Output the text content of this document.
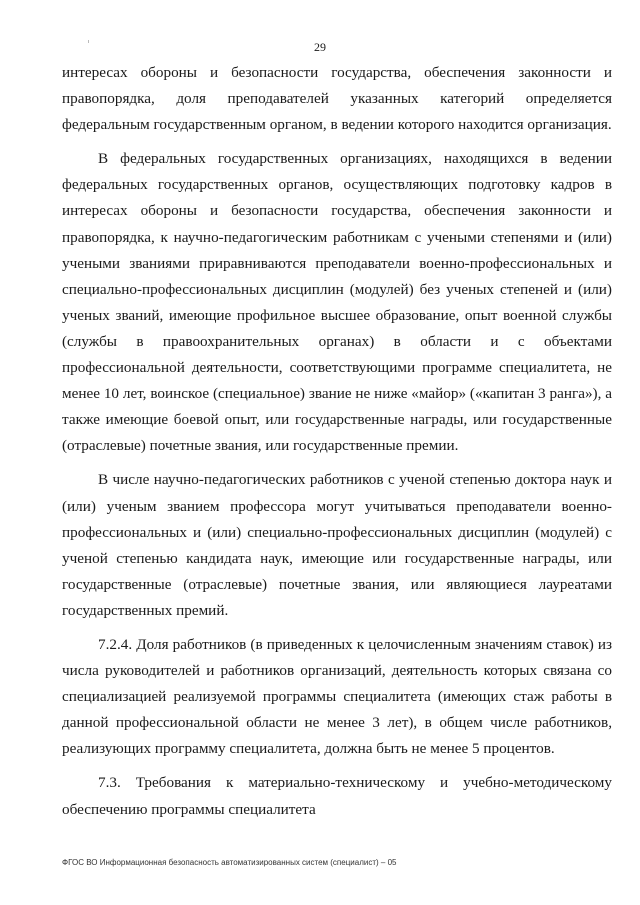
29

интересах обороны и безопасности государства, обеспечения законности и правопорядка, доля преподавателей указанных категорий определяется федеральным государственным органом, в ведении которого находится организация.

В федеральных государственных организациях, находящихся в ведении федеральных государственных органов, осуществляющих подготовку кадров в интересах обороны и безопасности государства, обеспечения законности и правопорядка, к научно-педагогическим работникам с учеными степенями и (или) учеными званиями приравниваются преподаватели военно-профессиональных и специально-профессиональных дисциплин (модулей) без ученых степеней и (или) ученых званий, имеющие профильное высшее образование, опыт военной службы (службы в правоохранительных органах) в области и с объектами профессиональной деятельности, соответствующими программе специалитета, не менее 10 лет, воинское (специальное) звание не ниже «майор» («капитан 3 ранга»), а также имеющие боевой опыт, или государственные награды, или государственные (отраслевые) почетные звания, или государственные премии.

В числе научно-педагогических работников с ученой степенью доктора наук и (или) ученым званием профессора могут учитываться преподаватели военно-профессиональных и (или) специально-профессиональных дисциплин (модулей) с ученой степенью кандидата наук, имеющие или государственные награды, или государственные (отраслевые) почетные звания, или являющиеся лауреатами государственных премий.

7.2.4. Доля работников (в приведенных к целочисленным значениям ставок) из числа руководителей и работников организаций, деятельность которых связана со специализацией реализуемой программы специалитета (имеющих стаж работы в данной профессиональной области не менее 3 лет), в общем числе работников, реализующих программу специалитета, должна быть не менее 5 процентов.

7.3. Требования к материально-техническому и учебно-методическому обеспечению программы специалитета

ФГОС ВО Информационная безопасность автоматизированных систем (специалист) – 05
